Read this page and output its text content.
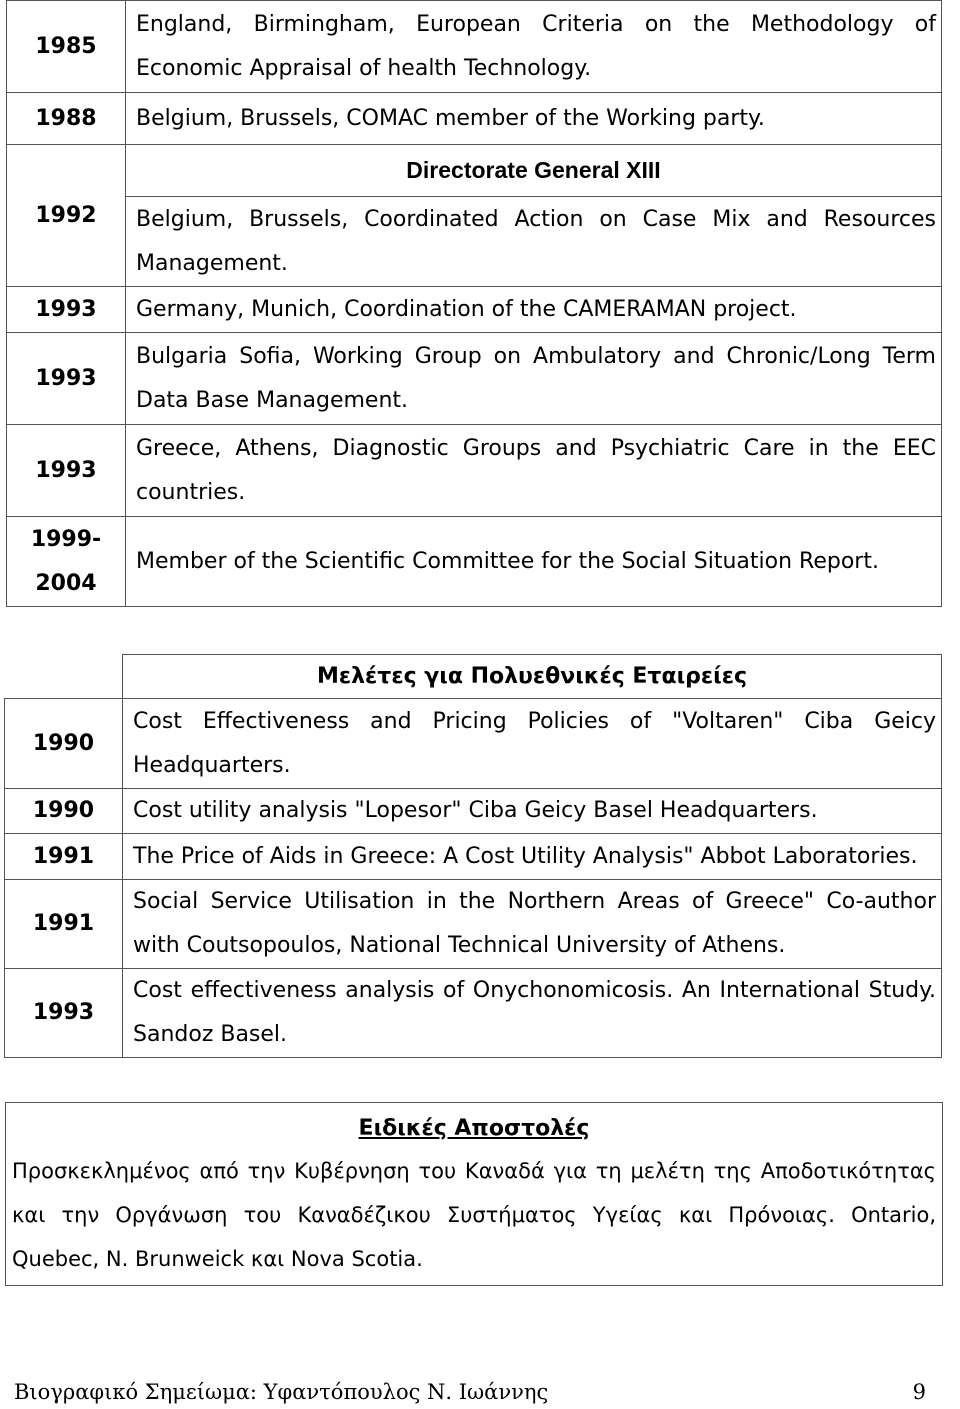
1985	England, Birmingham, European Criteria on the Methodology of Economic Appraisal of health Technology.
1988	Belgium, Brussels, COMAC member of the Working party.
1992	Directorate General XIII
	Belgium, Brussels, Coordinated Action on Case Mix and Resources Management.
1993	Germany, Munich, Coordination of the CAMERAMAN project.
1993	Bulgaria Sofia, Working Group on Ambulatory and Chronic/Long Term Data Base Management.
1993	Greece, Athens, Diagnostic Groups and Psychiatric Care in the EEC countries.

1999-
2004	Member of the Scientific Committee for the Social Situation Report.
	Μελέτες για Πολυεθνικές Εταιρείες
1990	Cost Effectiveness and Pricing Policies of "Voltaren" Ciba Geicy Headquarters.
1990	Cost utility analysis "Lopesor" Ciba Geicy Basel Headquarters.
1991	The Price of Aids in Greece: A Cost Utility Analysis" Abbot Laboratories.
1991	Social Service Utilisation in the Northern Areas of Greece" Co-author with Coutsopoulos, National Technical University of Athens.
1993	Cost effectiveness analysis of Onychonomicosis. An International Study. Sandoz Basel.
Ειδικές Αποστολές
Προσκεκλημένος από την Κυβέρνηση του Καναδά για τη μελέτη της Αποδοτικότητας και την Οργάνωση του Καναδέζικου Συστήματος Υγείας και Πρόνοιας. Ontario, Quebec, N. Brunweick και Nova Scotia.
Βιογραφικό Σημείωμα: Υφαντόπουλος Ν. Ιωάννης	9
